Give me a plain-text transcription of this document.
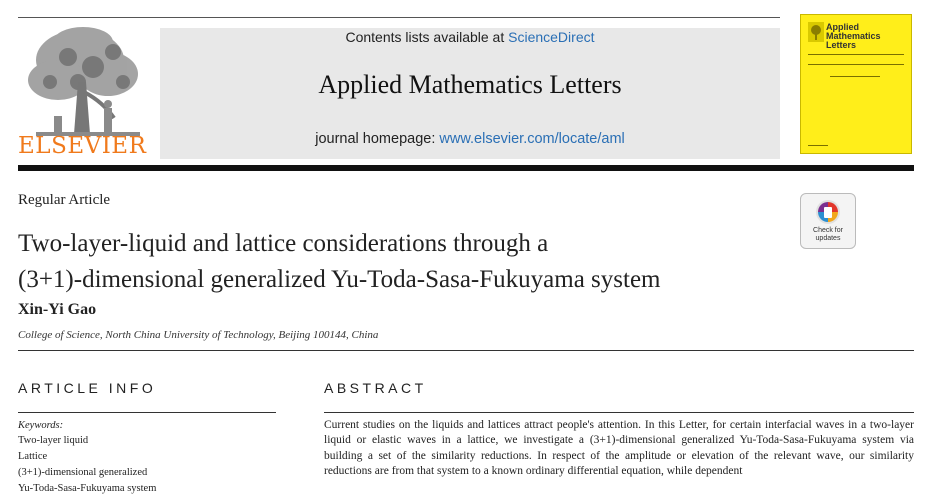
ELSEVIER
Contents lists available at ScienceDirect
Applied Mathematics Letters
journal homepage: www.elsevier.com/locate/aml
Applied
Mathematics
Letters
Regular Article
Two-layer-liquid and lattice considerations through a
(3+1)-dimensional generalized Yu-Toda-Sasa-Fukuyama system
Xin-Yi Gao
College of Science, North China University of Technology, Beijing 100144, China
Check for updates
ARTICLE INFO	ABSTRACT
Keywords:
Two-layer liquid
Lattice
(3+1)-dimensional generalized
Yu-Toda-Sasa-Fukuyama system
Current studies on the liquids and lattices attract people's attention. In this Letter, for certain interfacial waves in a two-layer liquid or elastic waves in a lattice, we investigate a (3+1)-dimensional generalized Yu-Toda-Sasa-Fukuyama system via building a set of the similarity reductions. In respect of the amplitude or elevation of the relevant wave, our similarity reductions are from that system to a known ordinary differential equation, while dependent
